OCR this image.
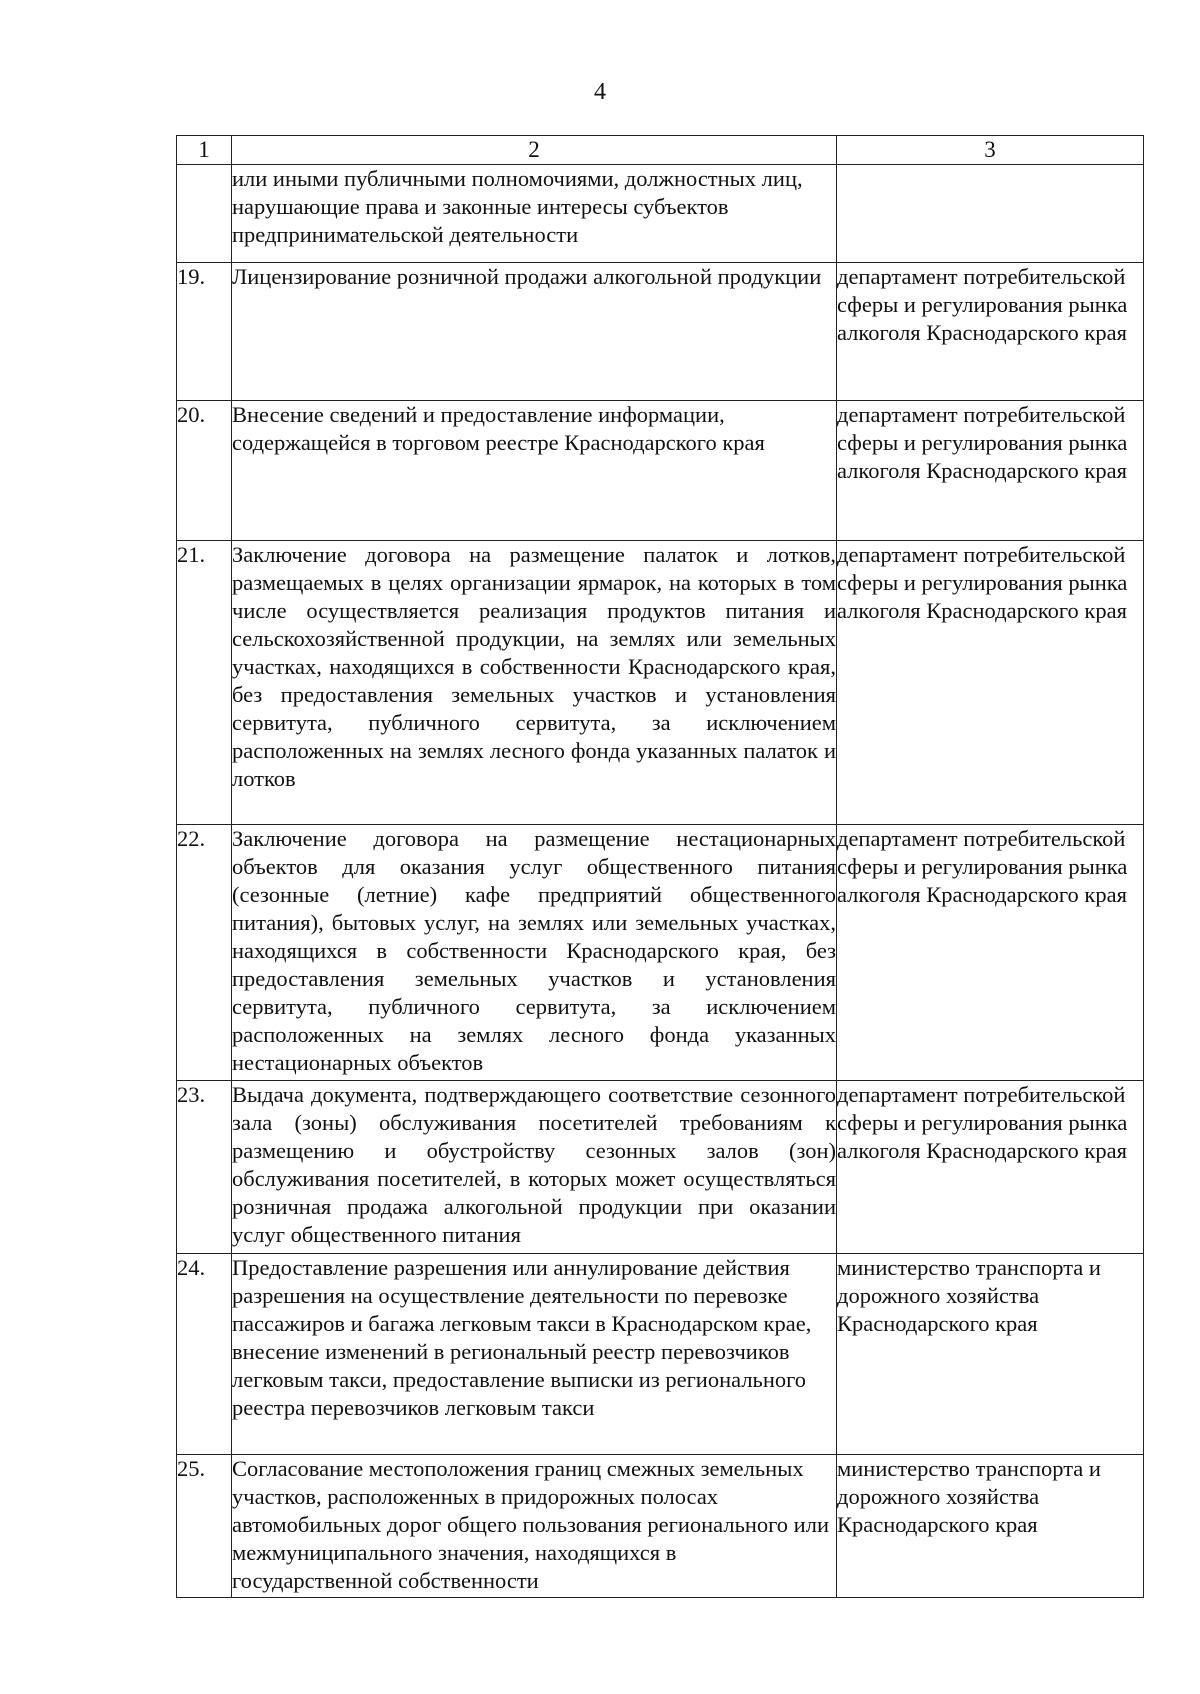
4
1	2	3
	или иными публичными полномочиями, должностных лиц, нарушающие права и законные интересы субъектов предпринимательской деятельности	
19.	Лицензирование розничной продажи алкогольной продукции	департамент потребительской сферы и регулирования рынка алкоголя Краснодарского края
20.	Внесение сведений и предоставление информации, содержащейся в торговом реестре Краснодарского края	департамент потребительской сферы и регулирования рынка алкоголя Краснодарского края
21.	Заключение договора на размещение палаток и лотков, размещаемых в целях организации ярмарок, на которых в том числе осуществляется реализация продуктов питания и сельскохозяйственной продукции, на землях или земельных участках, находящихся в собственности Краснодарского края, без предоставления земельных участков и установления сервитута, публичного сервитута, за исключением расположенных на землях лесного фонда указанных палаток и лотков	департамент потребительской сферы и регулирования рынка алкоголя Краснодарского края
22.	Заключение договора на размещение нестационарных объектов для оказания услуг общественного питания (сезонные (летние) кафе предприятий общественного питания), бытовых услуг, на землях или земельных участках, находящихся в собственности Краснодарского края, без предоставления земельных участков и установления сервитута, публичного сервитута, за исключением расположенных на землях лесного фонда указанных нестационарных объектов	департамент потребительской сферы и регулирования рынка алкоголя Краснодарского края
23.	Выдача документа, подтверждающего соответствие сезонного зала (зоны) обслуживания посетителей требованиям к размещению и обустройству сезонных залов (зон) обслуживания посетителей, в которых может осуществляться розничная продажа алкогольной продукции при оказании услуг общественного питания	департамент потребительской сферы и регулирования рынка алкоголя Краснодарского края
24.	Предоставление разрешения или аннулирование действия разрешения на осуществление деятельности по перевозке пассажиров и багажа легковым такси в Краснодарском крае, внесение изменений в региональный реестр перевозчиков легковым такси, предоставление выписки из регионального реестра перевозчиков легковым такси	министерство транспорта и дорожного хозяйства Краснодарского края
25.	Согласование местоположения границ смежных земельных участков, расположенных в придорожных полосах автомобильных дорог общего пользования регионального или межмуниципального значения, находящихся в государственной собственности	министерство транспорта и дорожного хозяйства Краснодарского края
